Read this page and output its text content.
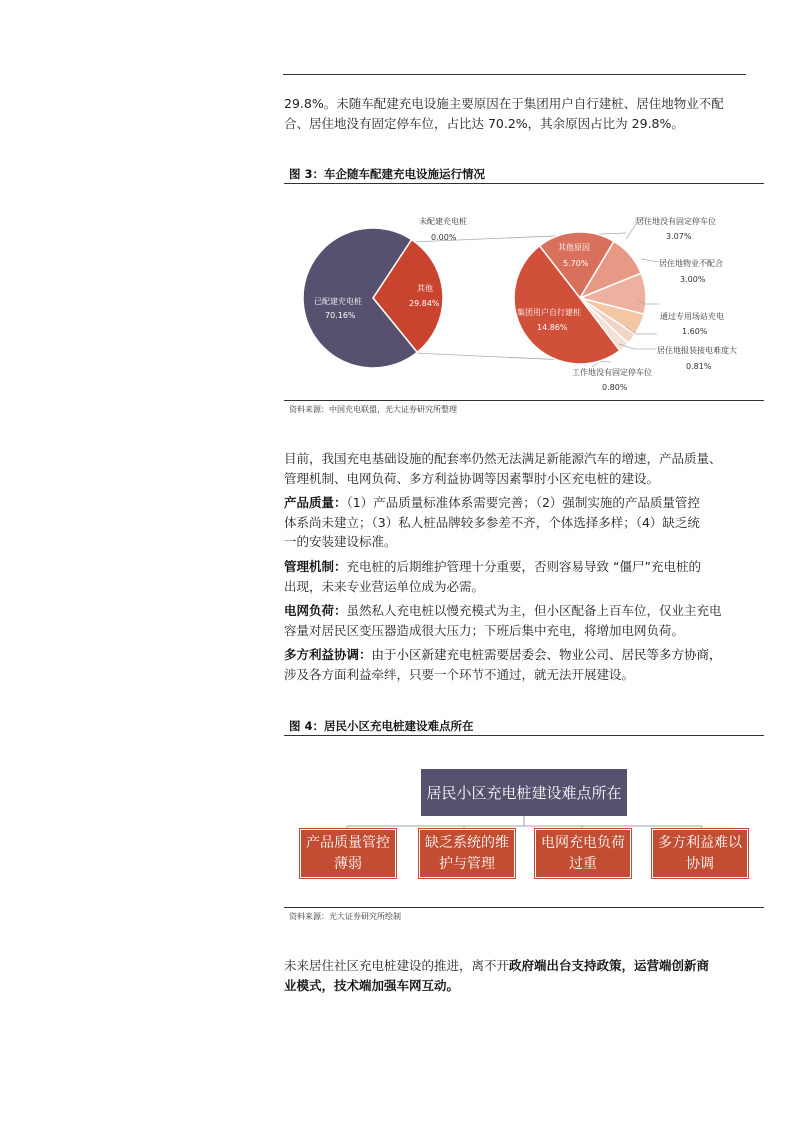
29.8%。未随车配建充电设施主要原因在于集团用户自行建桩、居住地物业不配
合、居住地没有固定停车位，占比达 70.2%，其余原因占比为 29.8%。

图 3：车企随车配建充电设施运行情况
未配建充电桩
0.00%
已配建充电桩
70.16%
其他
29.84%
其他原因
5.70%
集团用户自行建桩
14.86%
居住地没有固定停车位
3.07%
居住地物业不配合
3.00%
通过专用场站充电
1.60%
居住地报装接电难度大
0.81%
工作地没有固定停车位
0.80%
资料来源：中国充电联盟，光大证券研究所整理

目前，我国充电基础设施的配套率仍然无法满足新能源汽车的增速，产品质量、
管理机制、电网负荷、多方利益协调等因素掣肘小区充电桩的建设。

产品质量：（1）产品质量标准体系需要完善；（2）强制实施的产品质量管控
体系尚未建立；（3）私人桩品牌较多参差不齐，个体选择多样；（4）缺乏统
一的安装建设标准。

管理机制：充电桩的后期维护管理十分重要，否则容易导致 “僵尸”充电桩的
出现，未来专业营运单位成为必需。

电网负荷：虽然私人充电桩以慢充模式为主，但小区配备上百车位，仅业主充电
容量对居民区变压器造成很大压力；下班后集中充电，将增加电网负荷。

多方利益协调：由于小区新建充电桩需要居委会、物业公司、居民等多方协商，
涉及各方面利益牵绊，只要一个环节不通过，就无法开展建设。

图 4：居民小区充电桩建设难点所在
居民小区充电桩建设难点所在
产品质量管控
薄弱
缺乏系统的维
护与管理
电网充电负荷
过重
多方利益难以
协调
资料来源：光大证券研究所绘制

未来居住社区充电桩建设的推进，离不开政府端出台支持政策，运营端创新商
业模式，技术端加强车网互动。
